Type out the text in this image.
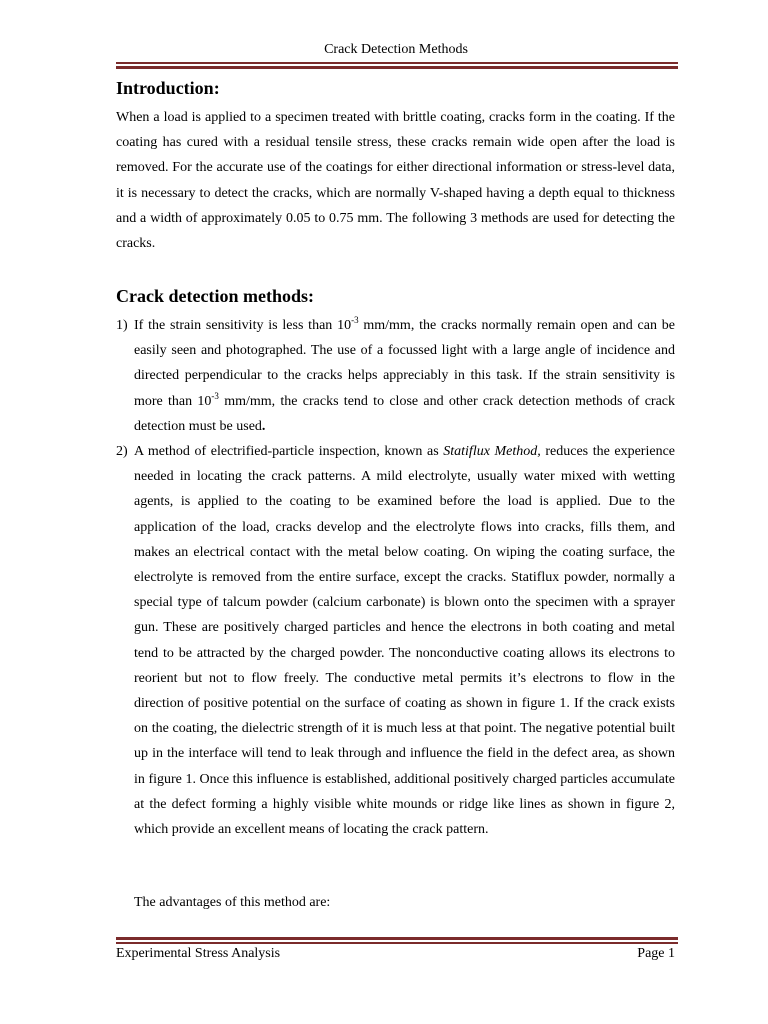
Crack Detection Methods
Introduction:

When a load is applied to a specimen treated with brittle coating, cracks form in the coating. If the coating has cured with a residual tensile stress, these cracks remain wide open after the load is removed. For the accurate use of the coatings for either directional information or stress-level data, it is necessary to detect the cracks, which are normally V-shaped having a depth equal to thickness and a width of approximately 0.05 to 0.75 mm. The following 3 methods are used for detecting the cracks.

Crack detection methods:

1) If the strain sensitivity is less than $10^{-3}$ mm/mm, the cracks normally remain open and can be easily seen and photographed. The use of a focussed light with a large angle of incidence and directed perpendicular to the cracks helps appreciably in this task. If the strain sensitivity is more than $10^{-3}$ mm/mm, the cracks tend to close and other crack detection methods of crack detection must be used.

2) A method of electrified-particle inspection, known as Statiflux Method, reduces the experience needed in locating the crack patterns. A mild electrolyte, usually water mixed with wetting agents, is applied to the coating to be examined before the load is applied. Due to the application of the load, cracks develop and the electrolyte flows into cracks, fills them, and makes an electrical contact with the metal below coating. On wiping the coating surface, the electrolyte is removed from the entire surface, except the cracks. Statiflux powder, normally a special type of talcum powder (calcium carbonate) is blown onto the specimen with a sprayer gun. These are positively charged particles and hence the electrons in both coating and metal tend to be attracted by the charged powder. The nonconductive coating allows its electrons to reorient but not to flow freely. The conductive metal permits it’s electrons to flow in the direction of positive potential on the surface of coating as shown in figure 1. If the crack exists on the coating, the dielectric strength of it is much less at that point. The negative potential built up in the interface will tend to leak through and influence the field in the defect area, as shown in figure 1. Once this influence is established, additional positively charged particles accumulate at the defect forming a highly visible white mounds or ridge like lines as shown in figure 2, which provide an excellent means of locating the crack pattern.

The advantages of this method are:

Experimental Stress Analysis	Page 1
